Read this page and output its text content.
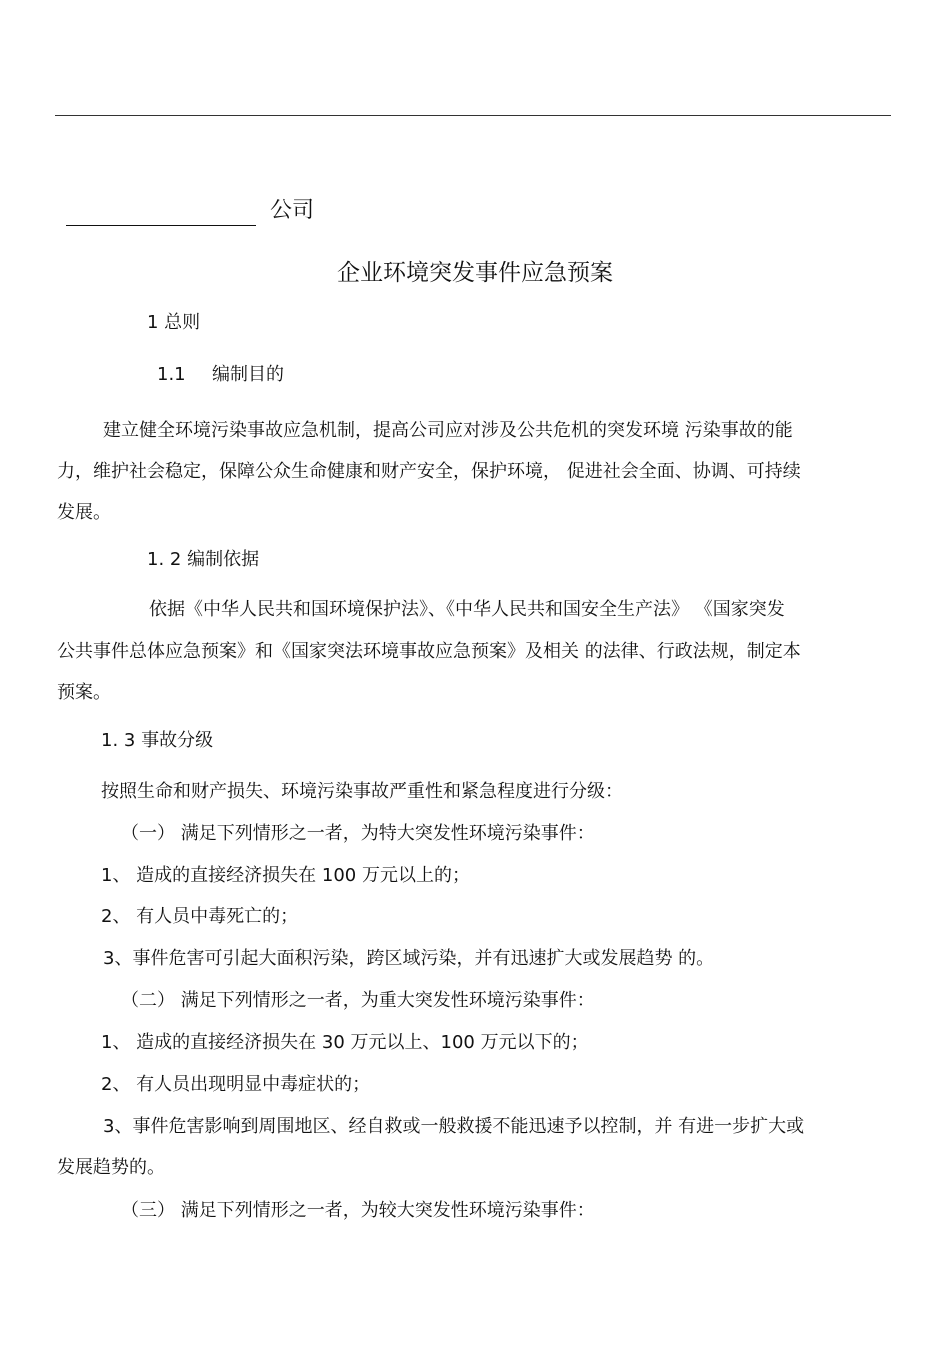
公司
企业环境突发事件应急预案
1 总则
1.1 编制目的
建立健全环境污染事故应急机制，提高公司应对涉及公共危机的突发环境 污染事故的能
力，维护社会稳定，保障公众生命健康和财产安全，保护环境， 促进社会全面、协调、可持续
发展。
1. 2 编制依据
依据《中华人民共和国环境保护法》、《中华人民共和国安全生产法》 《国家突发
公共事件总体应急预案》和《国家突法环境事故应急预案》及相关 的法律、行政法规，制定本
预案。
1. 3 事故分级
按照生命和财产损失、环境污染事故严重性和紧急程度进行分级：
（一） 满足下列情形之一者，为特大突发性环境污染事件：
1、 造成的直接经济损失在 100 万元以上的；
2、 有人员中毒死亡的；
3、事件危害可引起大面积污染，跨区域污染，并有迅速扩大或发展趋势 的。
（二） 满足下列情形之一者，为重大突发性环境污染事件：
1、 造成的直接经济损失在 30 万元以上、100 万元以下的；
2、 有人员出现明显中毒症状的；
3、事件危害影响到周围地区、经自救或一般救援不能迅速予以控制，并 有进一步扩大或
发展趋势的。
（三） 满足下列情形之一者，为较大突发性环境污染事件：
